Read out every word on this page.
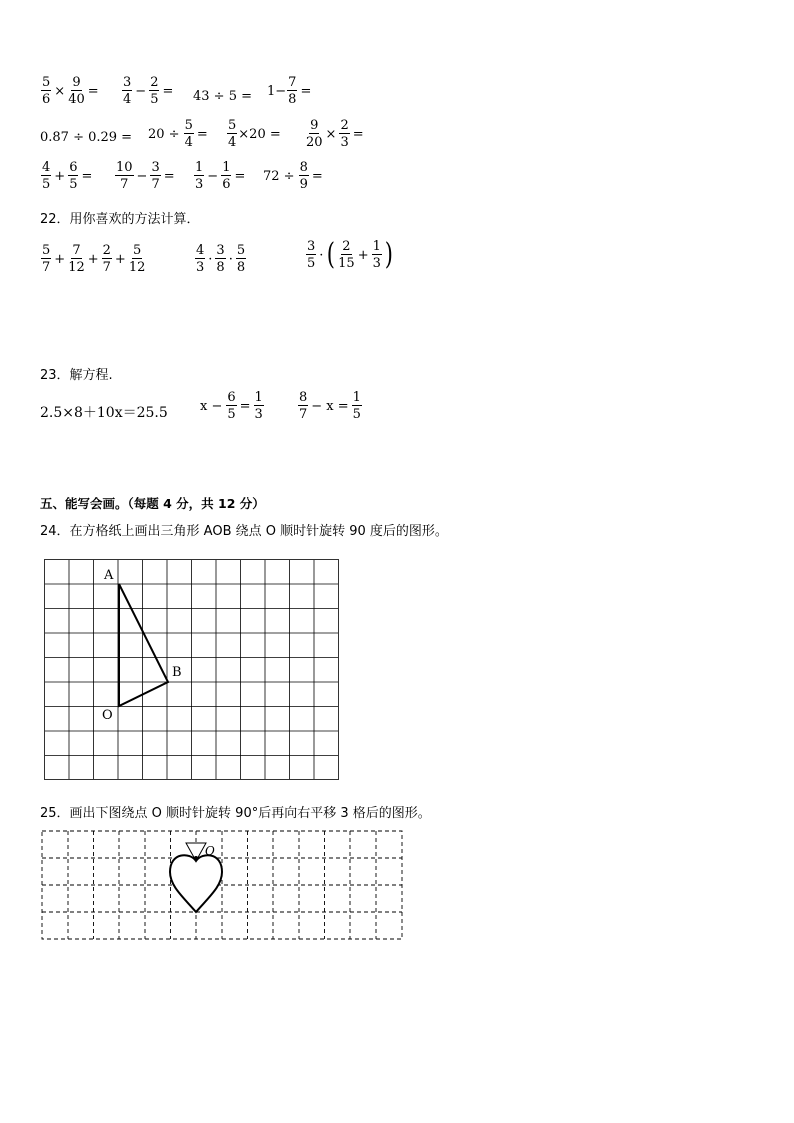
$\frac{5}{6} \times \frac{9}{40} = \frac{3}{4} - \frac{2}{5} = 43 \div 5 = 1- \frac{7}{8}$ =
$0.87 \div 0.29 = 20 \div \frac{5}{4} = \frac{5}{4} \times 20 = \frac{9}{20} \times \frac{2}{3}$ =
$\frac{4}{5} + \frac{6}{5} = \frac{10}{7} - \frac{3}{7} = \frac{1}{3} - \frac{1}{6} = 72 \div \frac{8}{9}$ =
22．用你喜欢的方法计算．
$\frac{5}{7} + \frac{7}{12} + \frac{2}{7} + \frac{5}{12}$	$\frac{4}{3} \cdot \frac{3}{8} \cdot \frac{5}{8}$	$\frac{3}{5}$ · ( $\frac{2}{15} + \frac{1}{3}$ )
23．解方程.
2.5×8＋10x＝25.5 $x - \frac{6}{5} = \frac{1}{3}$	$\frac{8}{7} - x = \frac{1}{5}$
五、能写会画。（每题 4 分，共 12 分）
24．在方格纸上画出三角形 AOB 绕点 O 顺时针旋转 90 度后的图形。
A
B
O
25．画出下图绕点 O 顺时针旋转 90°后再向右平移 3 格后的图形。
O
